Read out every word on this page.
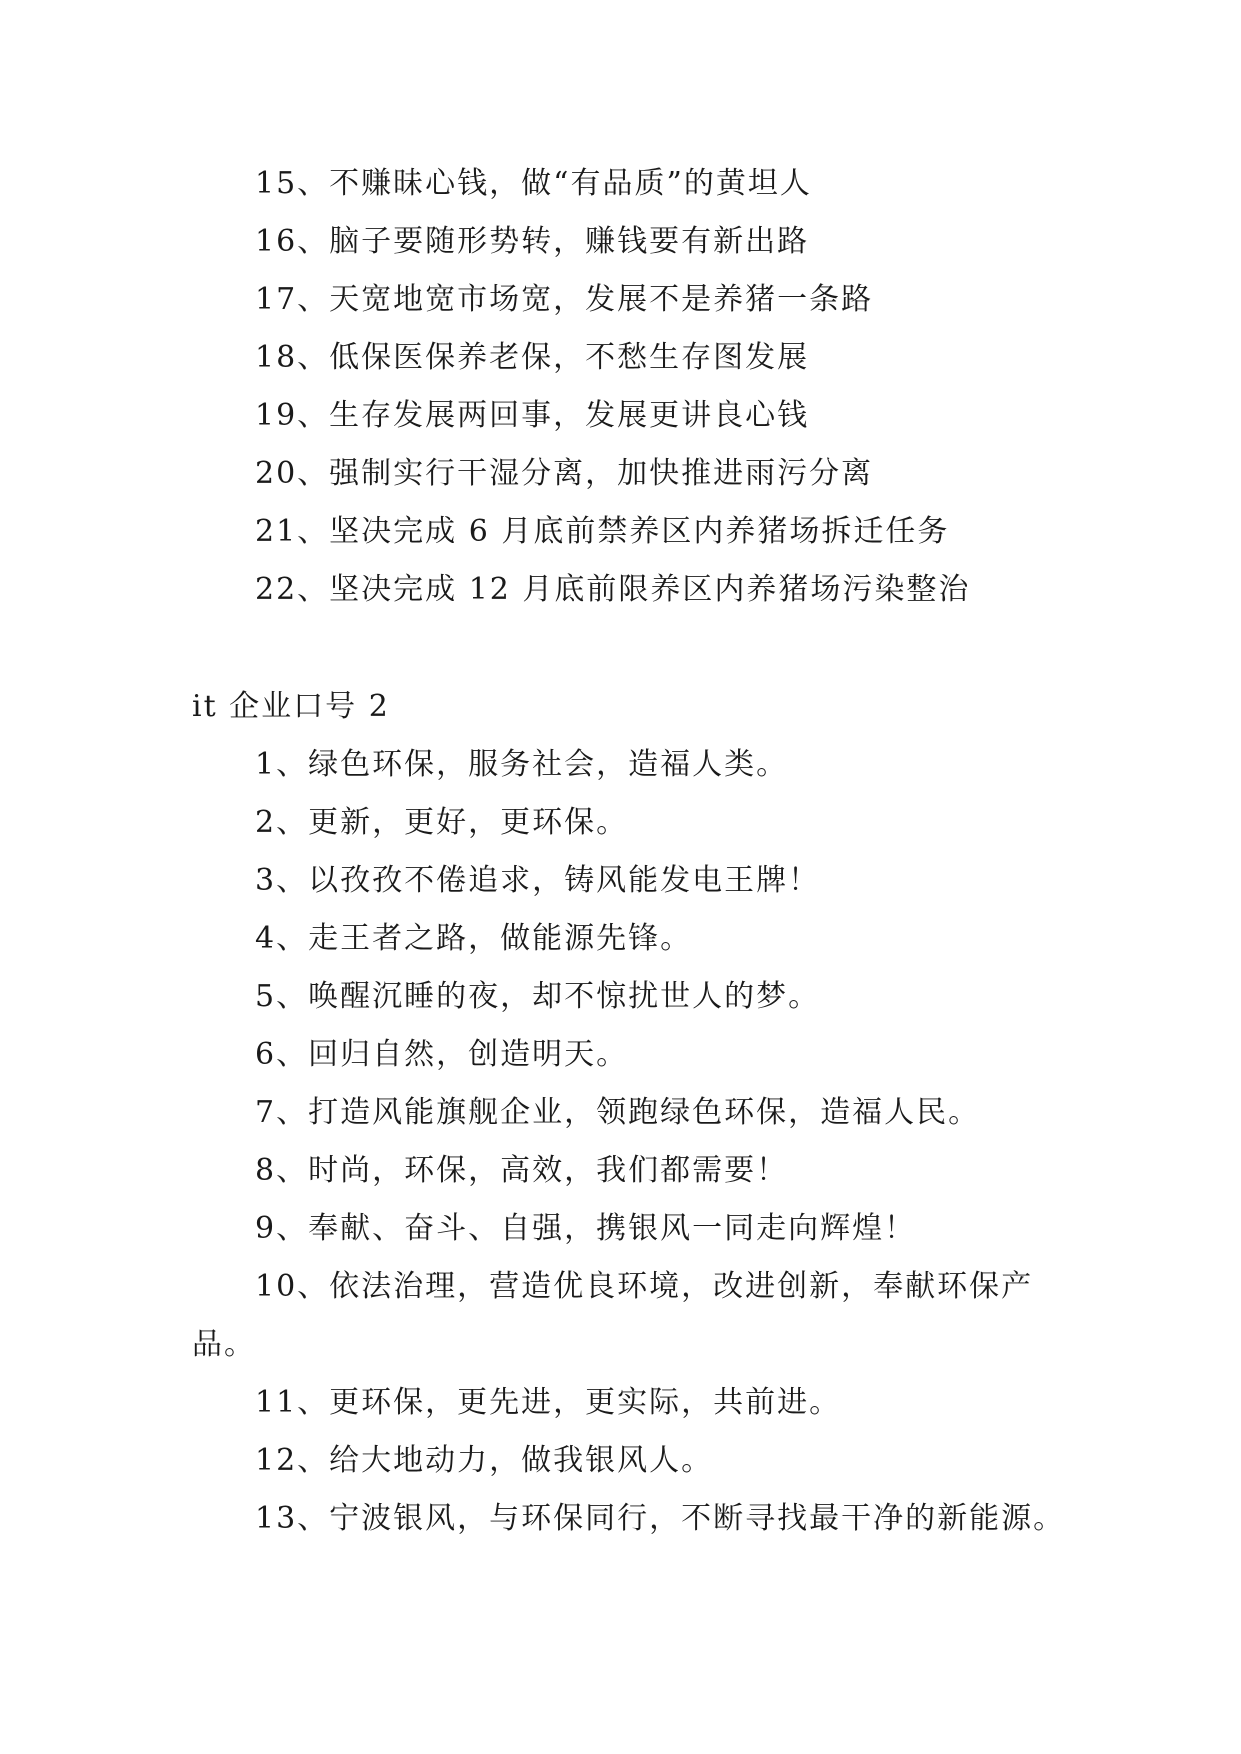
15、不赚昧心钱，做“有品质”的黄坦人
16、脑子要随形势转，赚钱要有新出路
17、天宽地宽市场宽，发展不是养猪一条路
18、低保医保养老保，不愁生存图发展
19、生存发展两回事，发展更讲良心钱
20、强制实行干湿分离，加快推进雨污分离
21、坚决完成 6 月底前禁养区内养猪场拆迁任务
22、坚决完成 12 月底前限养区内养猪场污染整治
it 企业口号 2
1、绿色环保，服务社会，造福人类。
2、更新，更好，更环保。
3、以孜孜不倦追求，铸风能发电王牌！
4、走王者之路，做能源先锋。
5、唤醒沉睡的夜，却不惊扰世人的梦。
6、回归自然，创造明天。
7、打造风能旗舰企业，领跑绿色环保，造福人民。
8、时尚，环保，高效，我们都需要！
9、奉献、奋斗、自强，携银风一同走向辉煌！
10、依法治理，营造优良环境，改进创新，奉献环保产
品。
11、更环保，更先进，更实际，共前进。
12、给大地动力，做我银风人。
13、宁波银风，与环保同行，不断寻找最干净的新能源。
